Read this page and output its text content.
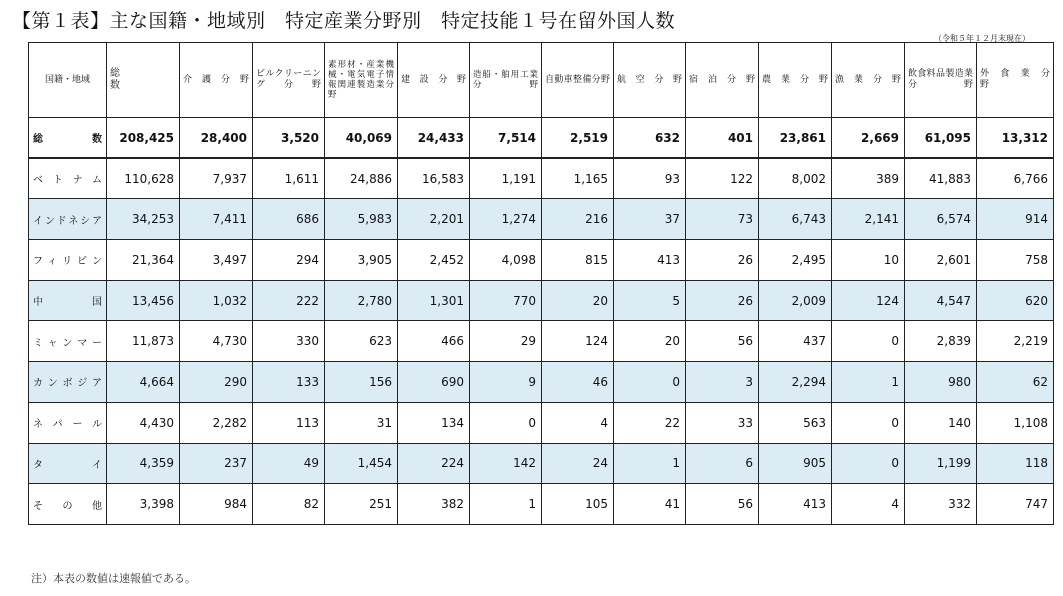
【第１表】主な国籍・地域別　特定産業分野別　特定技能１号在留外国人数
（令和５年１２月末現在）
国籍・地域	総　　　　　数	介　護　分　野	ビルクリーニング分野	素形材・産業機械・電気電子情報関連製造業分野	建　設　分　野	造船・舶用工業分野	自動車整備分野	航　空　分　野	宿　泊　分　野	農　業　分　野	漁　業　分　野	飲食料品製造業分野	外　食　業　分　野
総　　数	208,425	28,400	3,520	40,069	24,433	7,514	2,519	632	401	23,861	2,669	61,095	13,312
ベトナム	110,628	7,937	1,611	24,886	16,583	1,191	1,165	93	122	8,002	389	41,883	6,766
インドネシア	34,253	7,411	686	5,983	2,201	1,274	216	37	73	6,743	2,141	6,574	914
フィリピン	21,364	3,497	294	3,905	2,452	4,098	815	413	26	2,495	10	2,601	758
中　国	13,456	1,032	222	2,780	1,301	770	20	5	26	2,009	124	4,547	620
ミャンマー	11,873	4,730	330	623	466	29	124	20	56	437	0	2,839	2,219
カンボジア	4,664	290	133	156	690	9	46	0	3	2,294	1	980	62
ネパール	4,430	2,282	113	31	134	0	4	22	33	563	0	140	1,108
タ　イ	4,359	237	49	1,454	224	142	24	1	6	905	0	1,199	118
そ　の　他	3,398	984	82	251	382	1	105	41	56	413	4	332	747
注）本表の数値は速報値である。
